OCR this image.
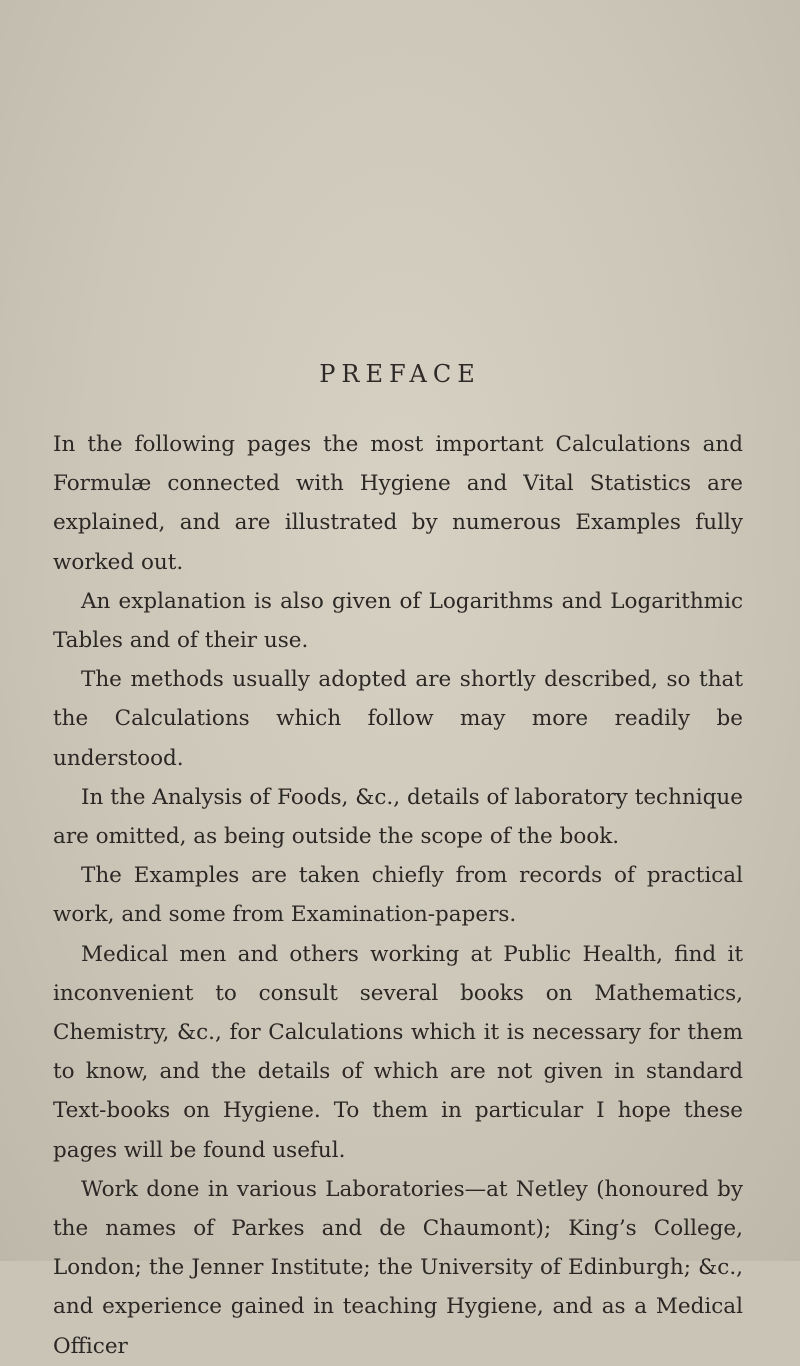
PREFACE

In the following pages the most important Calculations and Formulæ connected with Hygiene and Vital Statistics are explained, and are illustrated by numerous Examples fully worked out.

An explanation is also given of Logarithms and Logarithmic Tables and of their use.

The methods usually adopted are shortly described, so that the Calculations which follow may more readily be understood.

In the Analysis of Foods, &c., details of laboratory technique are omitted, as being outside the scope of the book.

The Examples are taken chiefly from records of practical work, and some from Examination-papers.

Medical men and others working at Public Health, find it inconvenient to consult several books on Mathematics, Chemistry, &c., for Calculations which it is necessary for them to know, and the details of which are not given in standard Text-books on Hygiene. To them in particular I hope these pages will be found useful.

Work done in various Laboratories—at Netley (honoured by the names of Parkes and de Chaumont); King’s College, London; the Jenner Institute; the University of Edinburgh; &c., and experience gained in teaching Hygiene, and as a Medical Officer
